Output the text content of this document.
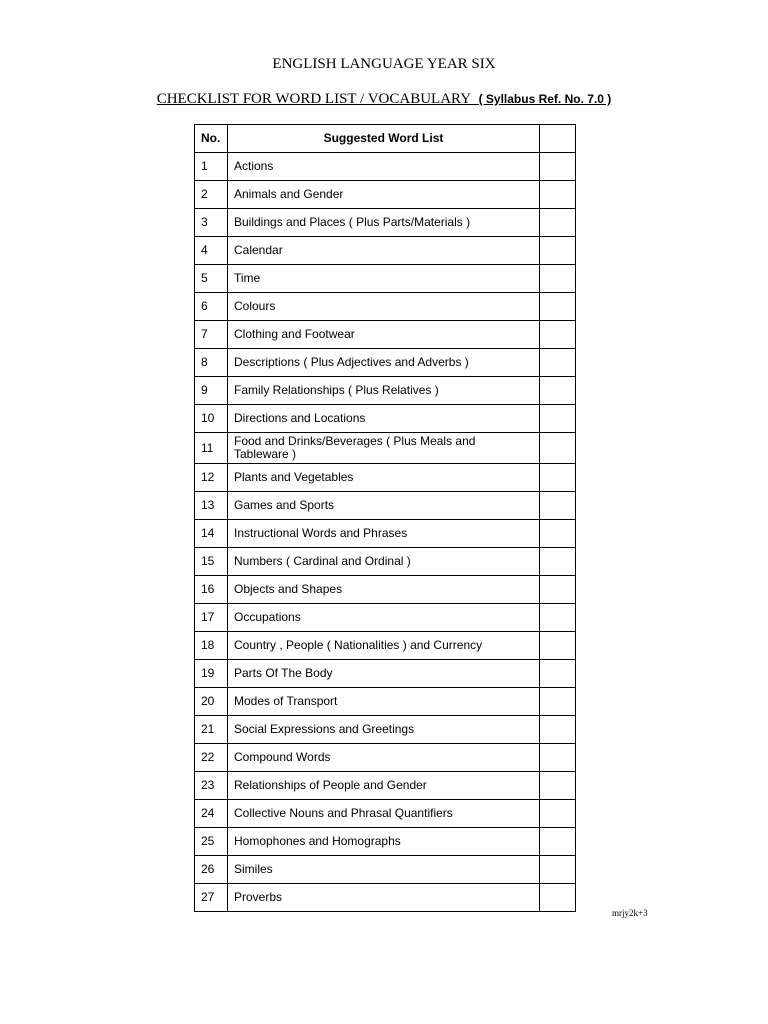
ENGLISH LANGUAGE YEAR SIX
CHECKLIST FOR WORD LIST / VOCABULARY ( Syllabus Ref. No. 7.0 )
No.	Suggested Word List	
1	Actions	
2	Animals and Gender	
3	Buildings and Places ( Plus Parts/Materials )	
4	Calendar	
5	Time	
6	Colours	
7	Clothing and Footwear	
8	Descriptions ( Plus Adjectives and Adverbs )	
9	Family Relationships ( Plus Relatives )	
10	Directions and Locations	
11	Food and Drinks/Beverages ( Plus Meals and Tableware )	
12	Plants and Vegetables	
13	Games and Sports	
14	Instructional Words and Phrases	
15	Numbers ( Cardinal and Ordinal )	
16	Objects and Shapes	
17	Occupations	
18	Country , People ( Nationalities ) and Currency	
19	Parts Of The Body	
20	Modes of Transport	
21	Social Expressions and Greetings	
22	Compound Words	
23	Relationships of People and Gender	
24	Collective Nouns and Phrasal Quantifiers	
25	Homophones and Homographs	
26	Similes	
27	Proverbs	
mrjy2k+3
